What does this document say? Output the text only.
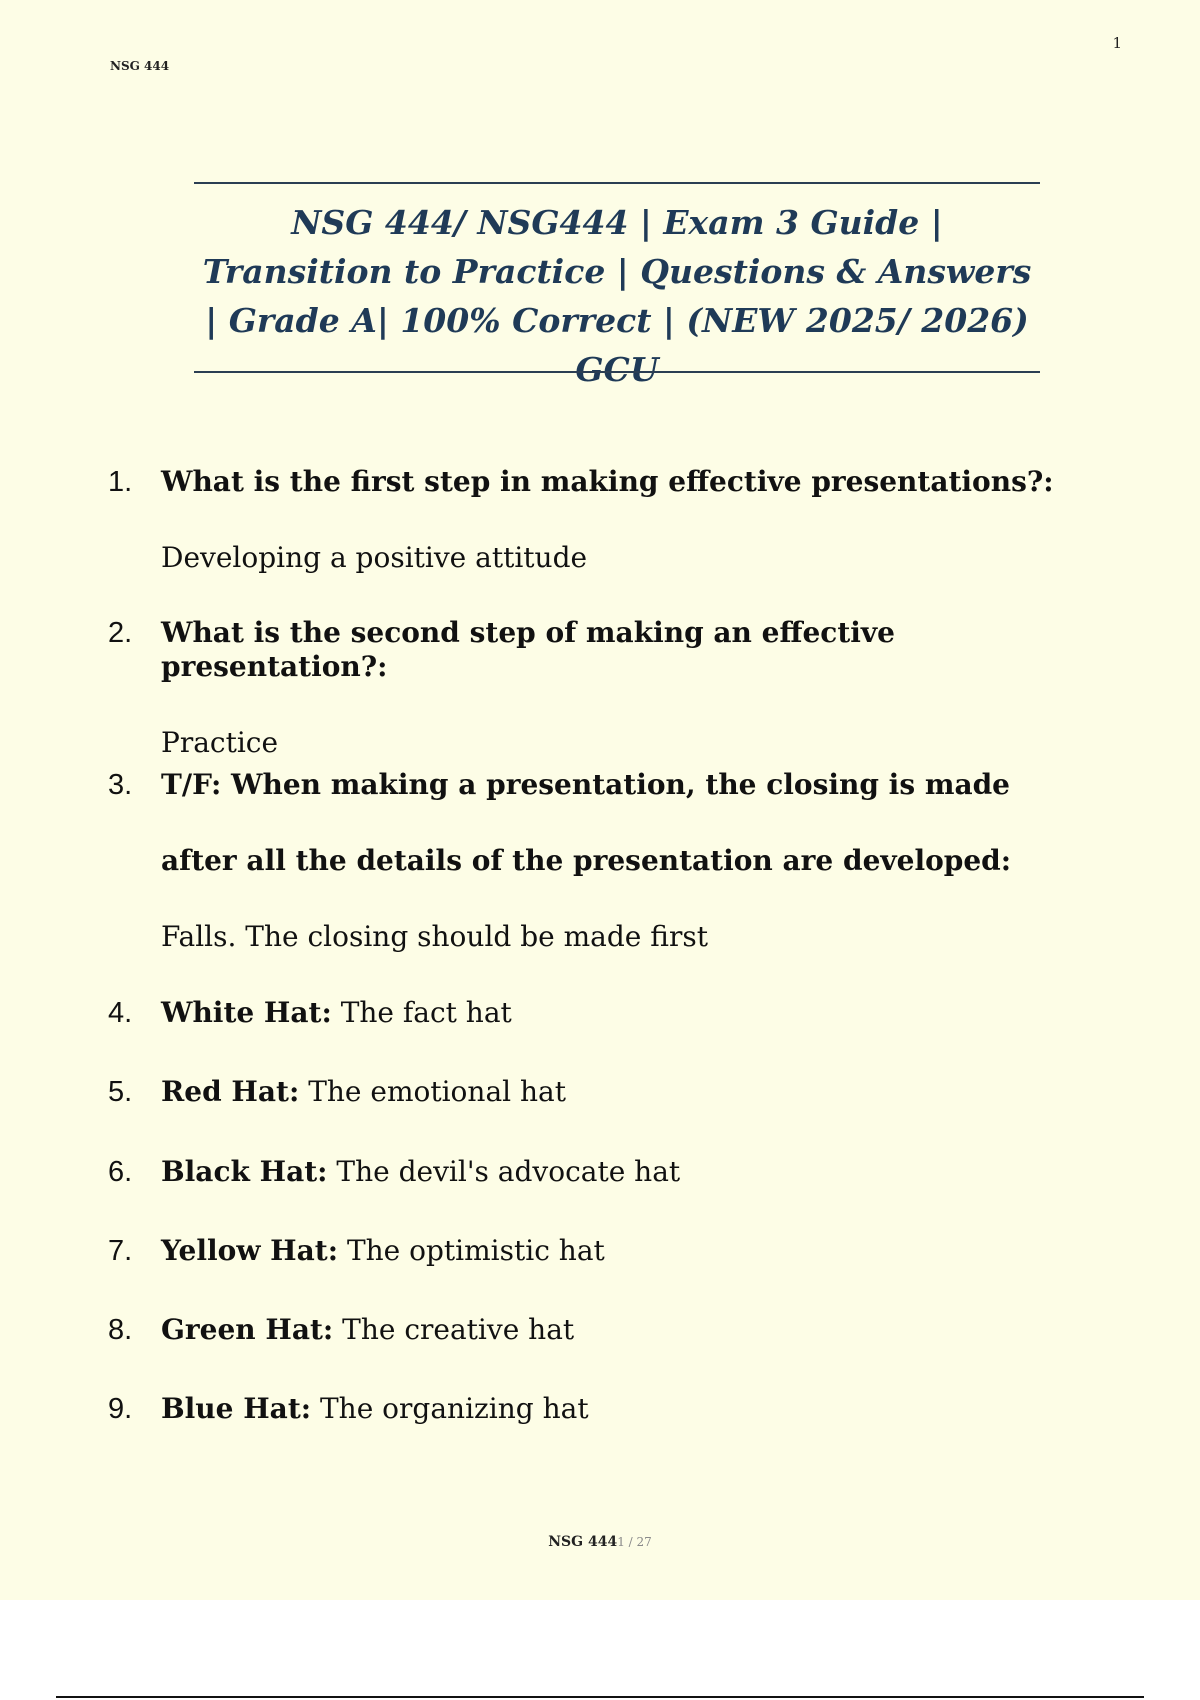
NSG 444
1
NSG 444/ NSG444 | Exam 3 Guide | Transition to Practice | Questions & Answers | Grade A| 100% Correct | (NEW 2025/ 2026) GCU
1. What is the first step in making effective presentations?:
Developing a positive attitude
2. What is the second step of making an effective presentation?:
Practice
3. T/F: When making a presentation, the closing is made after all the details of the presentation are developed: Falls. The closing should be made first
4. White Hat: The fact hat
5. Red Hat: The emotional hat
6. Black Hat: The devil's advocate hat
7. Yellow Hat: The optimistic hat
8. Green Hat: The creative hat
9. Blue Hat: The organizing hat
NSG 4441 / 27
